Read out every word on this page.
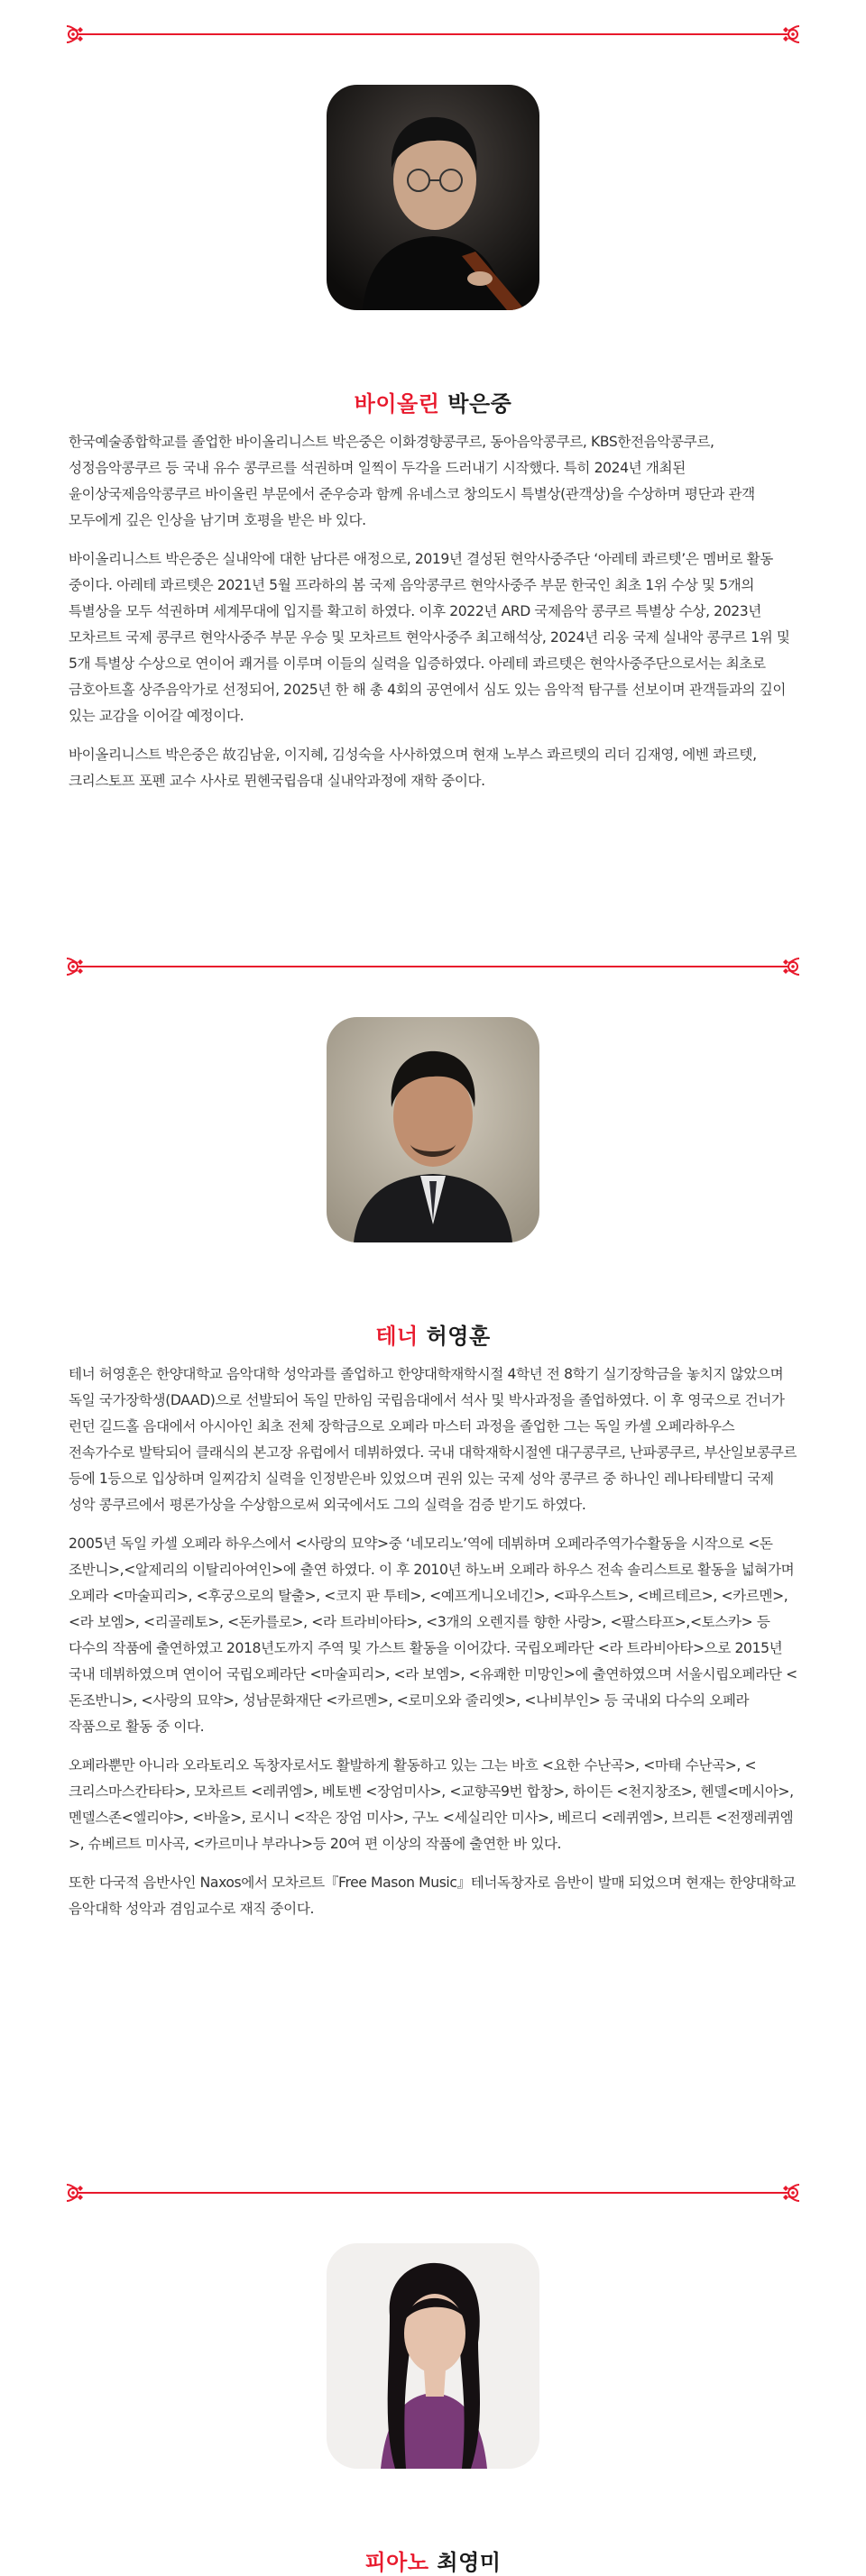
바이올린 박은중

한국예술종합학교를 졸업한 바이올리니스트 박은중은 이화경향콩쿠르, 동아음악콩쿠르, KBS한전음악콩쿠르, 성정음악콩쿠르 등 국내 유수 콩쿠르를 석권하며 일찍이 두각을 드러내기 시작했다. 특히 2024년 개최된 윤이상국제음악콩쿠르 바이올린 부문에서 준우승과 함께 유네스코 창의도시 특별상(관객상)을 수상하며 평단과 관객 모두에게 깊은 인상을 남기며 호평을 받은 바 있다.

바이올리니스트 박은중은 실내악에 대한 남다른 애정으로, 2019년 결성된 현악사중주단 ‘아레테 콰르텟’은 멤버로 활동 중이다. 아레테 콰르텟은 2021년 5월 프라하의 봄 국제 음악콩쿠르 현악사중주 부문 한국인 최초 1위 수상 및 5개의 특별상을 모두 석권하며 세계무대에 입지를 확고히 하였다. 이후 2022년 ARD 국제음악 콩쿠르 특별상 수상, 2023년 모차르트 국제 콩쿠르 현악사중주 부문 우승 및 모차르트 현악사중주 최고해석상, 2024년 리옹 국제 실내악 콩쿠르 1위 및 5개 특별상 수상으로 연이어 쾌거를 이루며 이들의 실력을 입증하였다. 아레테 콰르텟은 현악사중주단으로서는 최초로 금호아트홀 상주음악가로 선정되어, 2025년 한 해 총 4회의 공연에서 심도 있는 음악적 탐구를 선보이며 관객들과의 깊이 있는 교감을 이어갈 예정이다.

바이올리니스트 박은중은 故김남윤, 이지혜, 김성숙을 사사하였으며 현재 노부스 콰르텟의 리더 김재영, 에벤 콰르텟, 크리스토프 포펜 교수 사사로 뮌헨국립음대 실내악과정에 재학 중이다.

테너 허영훈

테너 허영훈은 한양대학교 음악대학 성악과를 졸업하고 한양대학재학시절 4학년 전 8학기 실기장학금을 놓치지 않았으며 독일 국가장학생(DAAD)으로 선발되어 독일 만하임 국립음대에서 석사 및 박사과정을 졸업하였다. 이 후 영국으로 건너가 런던 길드홀 음대에서 아시아인 최초 전체 장학금으로 오페라 마스터 과정을 졸업한 그는 독일 카셀 오페라하우스 전속가수로 발탁되어 클래식의 본고장 유럽에서 데뷔하였다. 국내 대학재학시절엔 대구콩쿠르, 난파콩쿠르, 부산일보콩쿠르 등에 1등으로 입상하며 일찌감치 실력을 인정받은바 있었으며 권위 있는 국제 성악 콩쿠르 중 하나인 레나타테발디 국제 성악 콩쿠르에서 평론가상을 수상함으로써 외국에서도 그의 실력을 검증 받기도 하였다.

2005년 독일 카셀 오페라 하우스에서 <사랑의 묘약>중 ‘네모리노’역에 데뷔하며 오페라주역가수활동을 시작으로 <돈 조반니>,<알제리의 이탈리아여인>에 출연 하였다. 이 후 2010년 하노버 오페라 하우스 전속 솔리스트로 활동을 넓혀가며 오페라 <마술피리>, <후궁으로의 탈출>, <코지 판 투테>, <예프게니오네긴>, <파우스트>, <베르테르>, <카르멘>, <라 보엠>, <리골레토>, <돈카를로>, <라 트라비아타>, <3개의 오렌지를 향한 사랑>, <팔스타프>,<토스카> 등 다수의 작품에 출연하였고 2018년도까지 주역 및 가스트 활동을 이어갔다. 국립오페라단 <라 트라비아타>으로 2015년 국내 데뷔하였으며 연이어 국립오페라단 <마술피리>, <라 보엠>, <유쾌한 미망인>에 출연하였으며 서울시립오페라단 <돈조반니>, <사랑의 묘약>, 성남문화재단 <카르멘>, <로미오와 줄리엣>, <나비부인> 등 국내외 다수의 오페라 작품으로 활동 중 이다.

오페라뿐만 아니라 오라토리오 독창자로서도 활발하게 활동하고 있는 그는 바흐 <요한 수난곡>, <마태 수난곡>, <크리스마스칸타타>, 모차르트 <레퀴엠>, 베토벤 <장엄미사>, <교향곡9번 합창>, 하이든 <천지창조>, 헨델<메시아>, 멘델스존<엘리야>, <바울>, 로시니 <작은 장엄 미사>, 구노 <세실리안 미사>, 베르디 <레퀴엠>, 브리튼 <전쟁레퀴엠>, 슈베르트 미사곡, <카르미나 부라나>등 20여 편 이상의 작품에 출연한 바 있다.

또한 다국적 음반사인 Naxos에서 모차르트『Free Mason Music』테너독창자로 음반이 발매 되었으며 현재는 한양대학교 음악대학 성악과 겸임교수로 재직 중이다.

피아노 최영미
